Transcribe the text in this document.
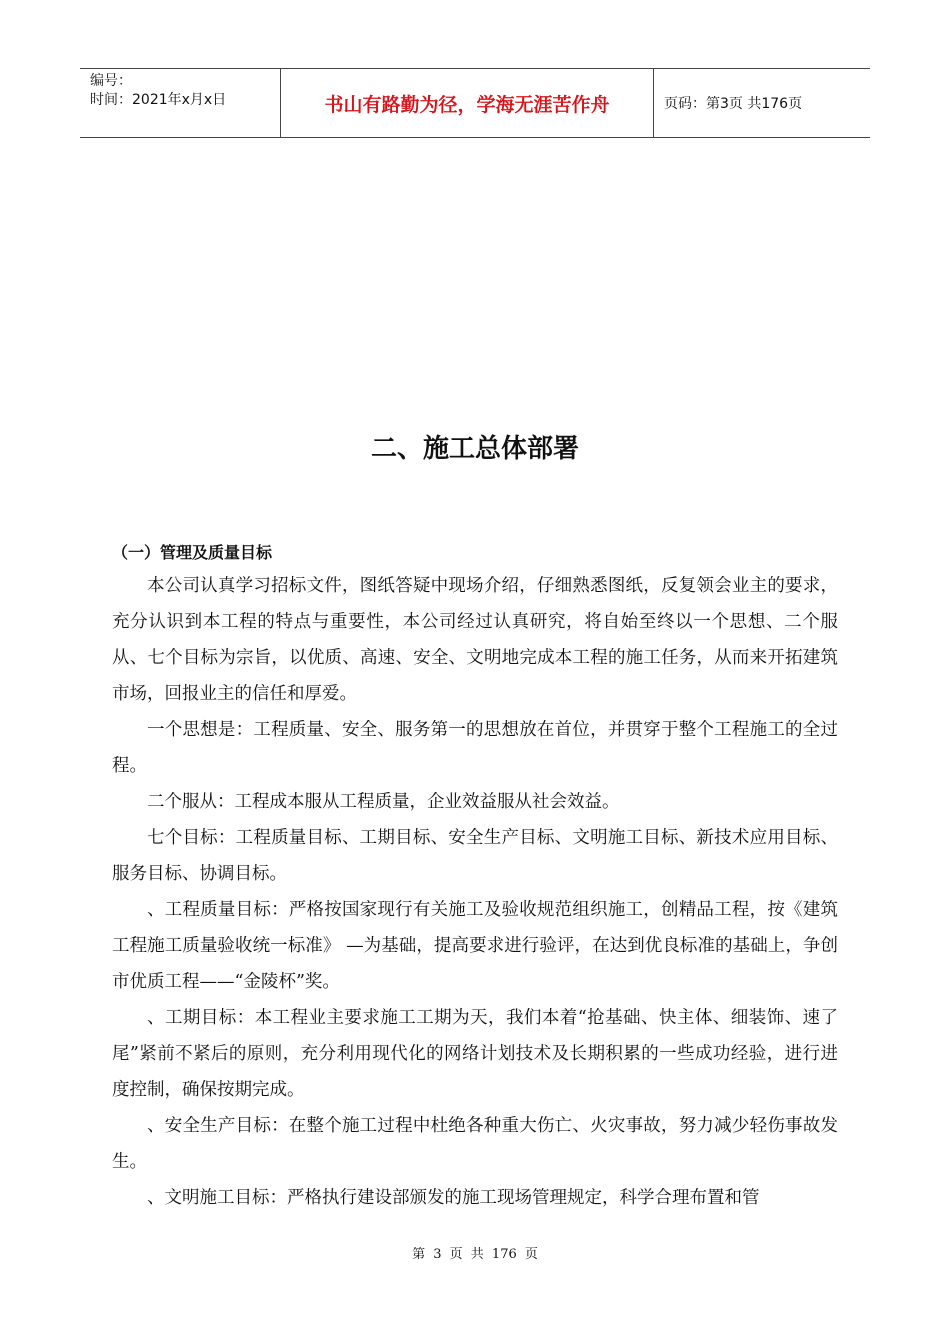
编号：
时间：2021年x月x日	书山有路勤为径，学海无涯苦作舟	页码：第3页 共176页
二、施工总体部署
（一）管理及质量目标

本公司认真学习招标文件，图纸答疑中现场介绍，仔细熟悉图纸，反复领会业主的要求，充分认识到本工程的特点与重要性，本公司经过认真研究，将自始至终以一个思想、二个服从、七个目标为宗旨，以优质、高速、安全、文明地完成本工程的施工任务，从而来开拓建筑市场，回报业主的信任和厚爱。

一个思想是：工程质量、安全、服务第一的思想放在首位，并贯穿于整个工程施工的全过程。

二个服从：工程成本服从工程质量，企业效益服从社会效益。

七个目标：工程质量目标、工期目标、安全生产目标、文明施工目标、新技术应用目标、服务目标、协调目标。

、工程质量目标：严格按国家现行有关施工及验收规范组织施工，创精品工程，按《建筑工程施工质量验收统一标准》 —为基础，提高要求进行验评，在达到优良标准的基础上，争创市优质工程——“金陵杯”奖。

、工期目标：本工程业主要求施工工期为天，我们本着“抢基础、快主体、细装饰、速了尾”紧前不紧后的原则，充分利用现代化的网络计划技术及长期积累的一些成功经验，进行进度控制，确保按期完成。

、安全生产目标：在整个施工过程中杜绝各种重大伤亡、火灾事故，努力减少轻伤事故发生。

、文明施工目标：严格执行建设部颁发的施工现场管理规定，科学合理布置和管

第 3 页 共 176 页
